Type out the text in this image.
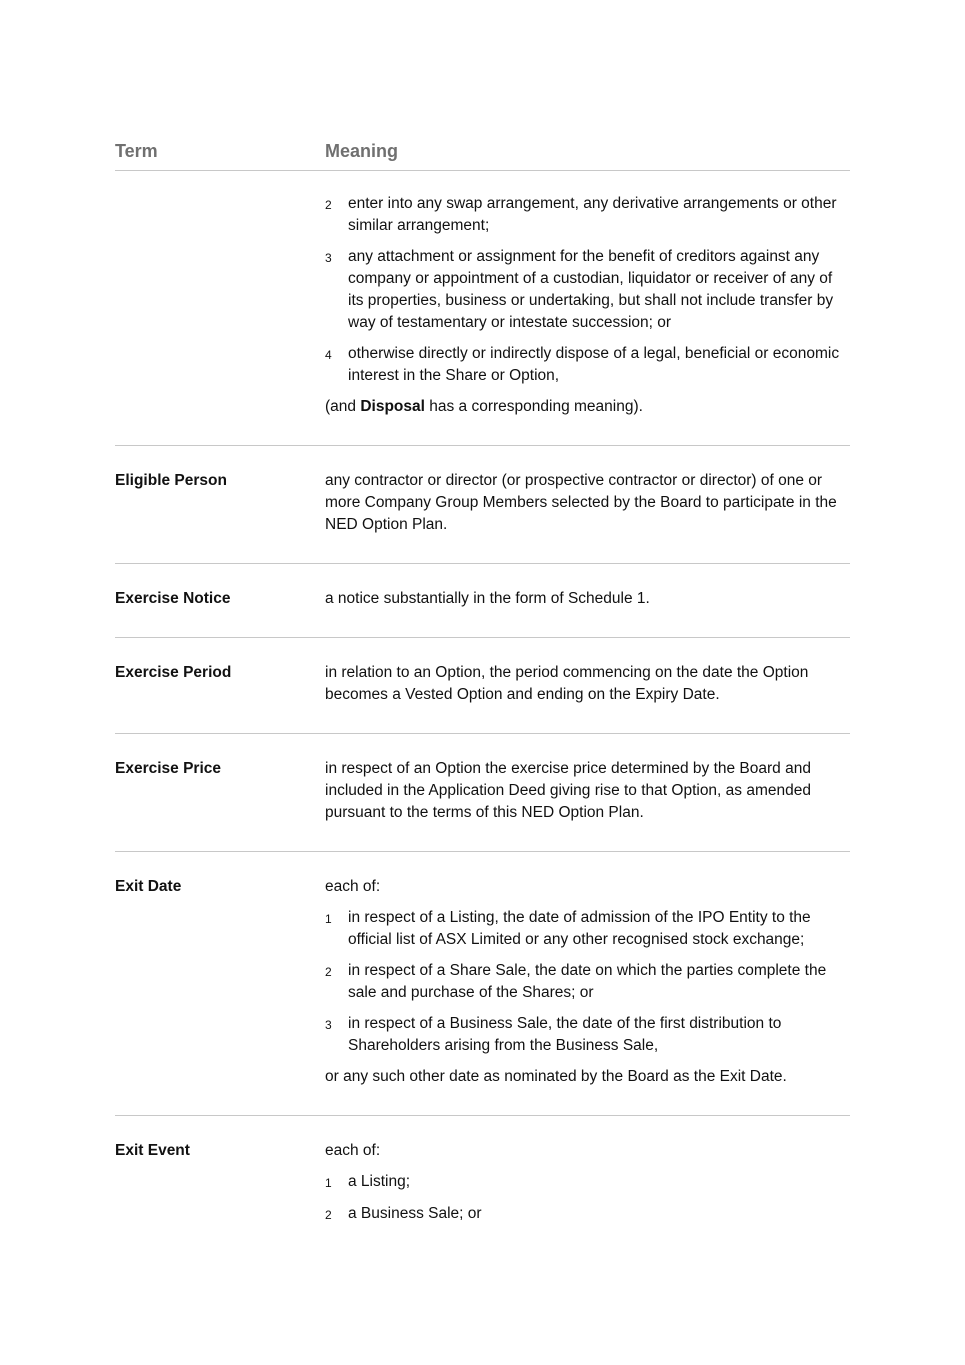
Term	Meaning
2	enter into any swap arrangement, any derivative arrangements or other similar arrangement;
3	any attachment or assignment for the benefit of creditors against any company or appointment of a custodian, liquidator or receiver of any of its properties, business or undertaking, but shall not include transfer by way of testamentary or intestate succession; or
4	otherwise directly or indirectly dispose of a legal, beneficial or economic interest in the Share or Option,
(and Disposal has a corresponding meaning).
Eligible Person	any contractor or director (or prospective contractor or director) of one or more Company Group Members selected by the Board to participate in the NED Option Plan.
Exercise Notice	a notice substantially in the form of Schedule 1.
Exercise Period	in relation to an Option, the period commencing on the date the Option becomes a Vested Option and ending on the Expiry Date.
Exercise Price	in respect of an Option the exercise price determined by the Board and included in the Application Deed giving rise to that Option, as amended pursuant to the terms of this NED Option Plan.
Exit Date	each of:
1	in respect of a Listing, the date of admission of the IPO Entity to the official list of ASX Limited or any other recognised stock exchange;
2	in respect of a Share Sale, the date on which the parties complete the sale and purchase of the Shares; or
3	in respect of a Business Sale, the date of the first distribution to Shareholders arising from the Business Sale,
or any such other date as nominated by the Board as the Exit Date.
Exit Event	each of:
1	a Listing;
2	a Business Sale; or
